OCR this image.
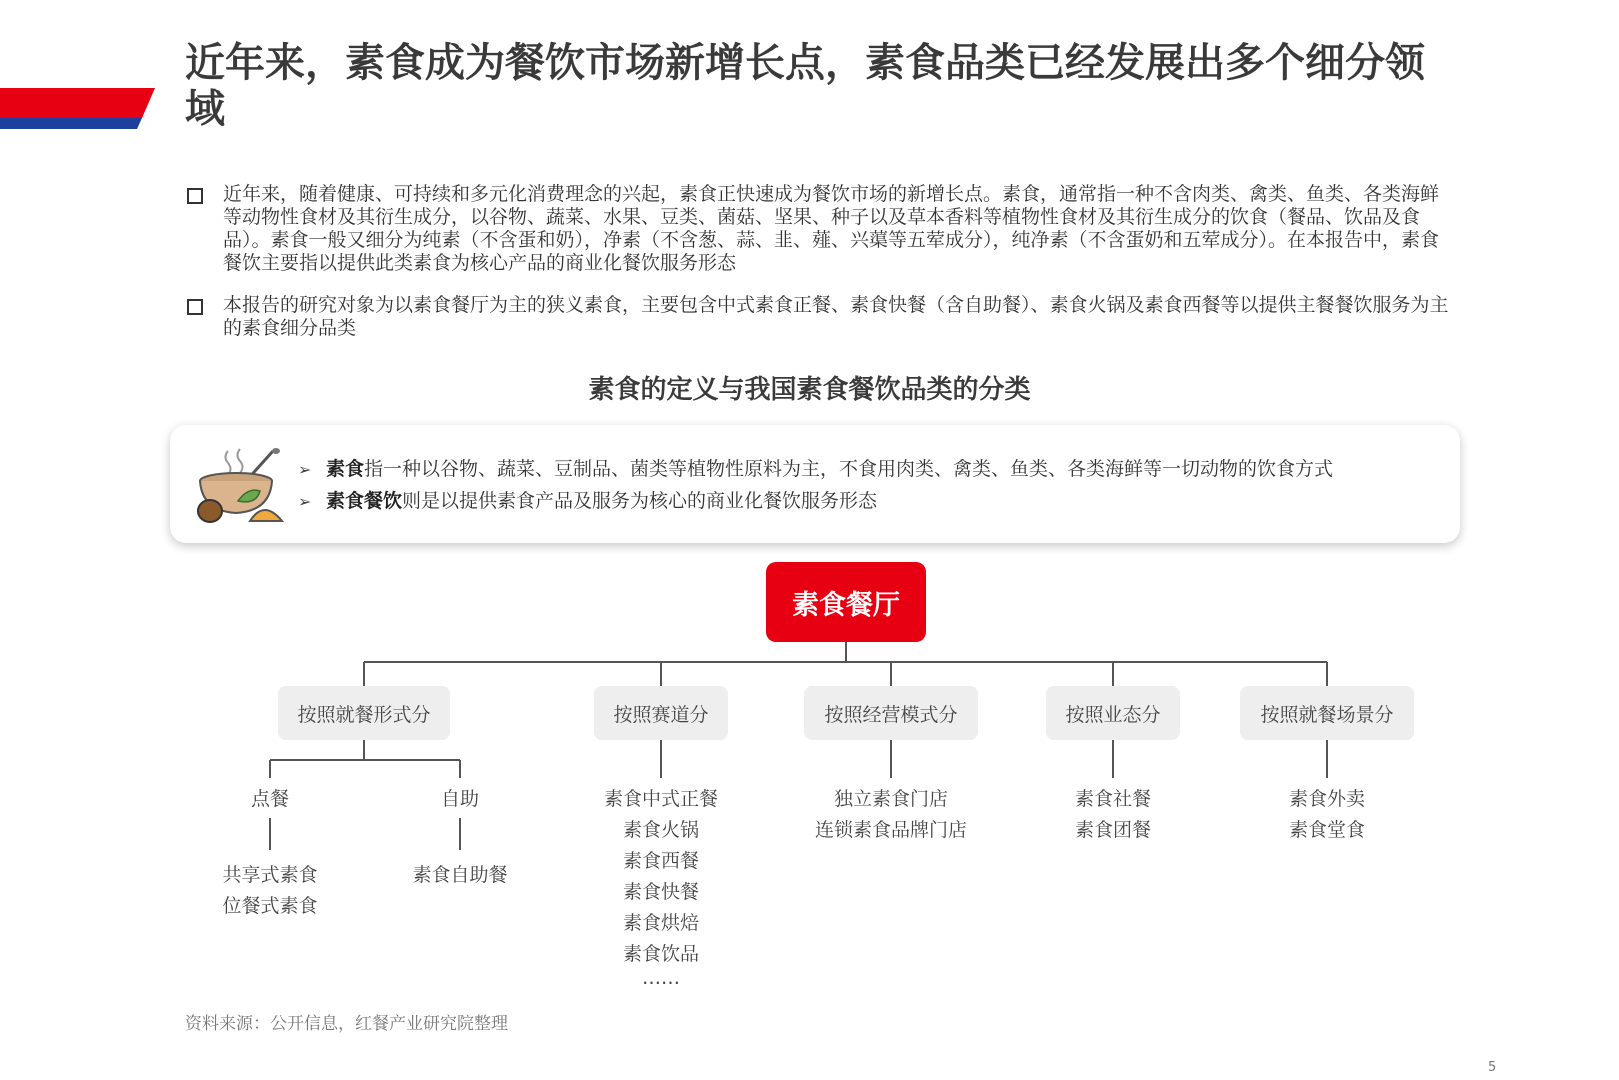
近年来，素食成为餐饮市场新增长点，素食品类已经发展出多个细分领域
近年来，随着健康、可持续和多元化消费理念的兴起，素食正快速成为餐饮市场的新增长点。素食，通常指一种不含肉类、禽类、鱼类、各类海鲜等动物性食材及其衍生成分，以谷物、蔬菜、水果、豆类、菌菇、坚果、种子以及草本香料等植物性食材及其衍生成分的饮食（餐品、饮品及食品）。素食一般又细分为纯素（不含蛋和奶），净素（不含葱、蒜、韭、薤、兴蕖等五荤成分），纯净素（不含蛋奶和五荤成分）。在本报告中，素食餐饮主要指以提供此类素食为核心产品的商业化餐饮服务形态
本报告的研究对象为以素食餐厅为主的狭义素食，主要包含中式素食正餐、素食快餐（含自助餐）、素食火锅及素食西餐等以提供主餐餐饮服务为主的素食细分品类
素食的定义与我国素食餐饮品类的分类
➢ 素食指一种以谷物、蔬菜、豆制品、菌类等植物性原料为主，不食用肉类、禽类、鱼类、各类海鲜等一切动物的饮食方式
➢ 素食餐饮则是以提供素食产品及服务为核心的商业化餐饮服务形态
素食餐厅
按照就餐形式分	按照赛道分	按照经营模式分	按照业态分	按照就餐场景分
点餐	自助
共享式素食
位餐式素食
素食自助餐
素食中式正餐
素食火锅
素食西餐
素食快餐
素食烘焙
素食饮品
……
独立素食门店
连锁素食品牌门店
素食社餐
素食团餐
素食外卖
素食堂食
资料来源：公开信息，红餐产业研究院整理
5
